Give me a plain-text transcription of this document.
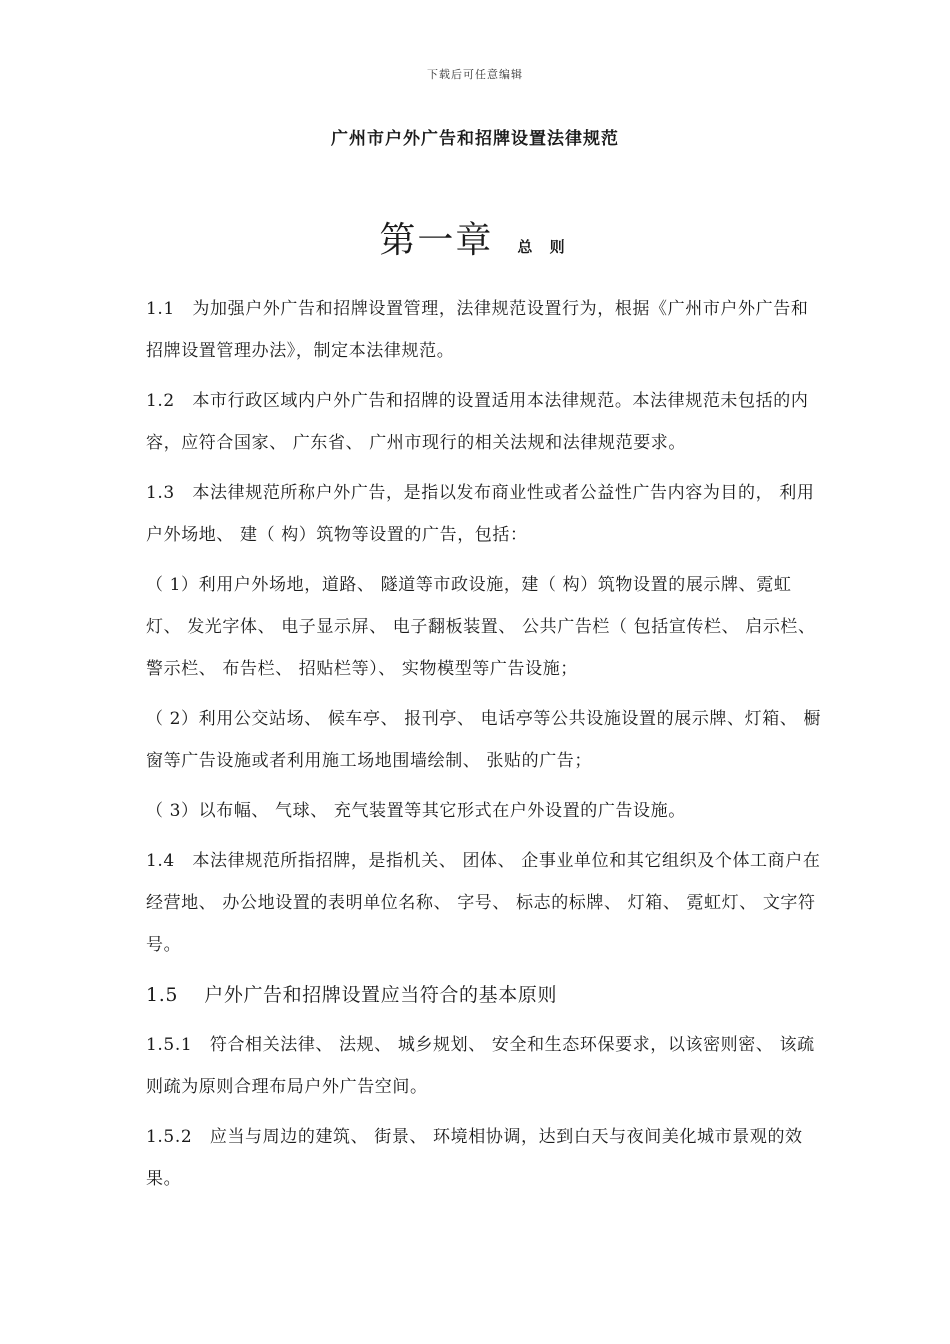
下载后可任意编辑
广州市户外广告和招牌设置法律规范
第一章 总 则

1.1　为加强户外广告和招牌设置管理，法律规范设置行为，根据《广州市户外广告和招牌设置管理办法》，制定本法律规范。

1.2　本市行政区域内户外广告和招牌的设置适用本法律规范。本法律规范未包括的内容，应符合国家、 广东省、 广州市现行的相关法规和法律规范要求。

1.3　本法律规范所称户外广告，是指以发布商业性或者公益性广告内容为目的， 利用户外场地、 建（ 构）筑物等设置的广告，包括：

（ 1）利用户外场地，道路、 隧道等市政设施，建（ 构）筑物设置的展示牌、霓虹灯、 发光字体、 电子显示屏、 电子翻板装置、 公共广告栏（ 包括宣传栏、 启示栏、 警示栏、 布告栏、 招贴栏等）、 实物模型等广告设施；

（ 2）利用公交站场、 候车亭、 报刊亭、 电话亭等公共设施设置的展示牌、灯箱、 橱窗等广告设施或者利用施工场地围墙绘制、 张贴的广告；

（ 3）以布幅、 气球、 充气装置等其它形式在户外设置的广告设施。

1.4　本法律规范所指招牌，是指机关、 团体、 企事业单位和其它组织及个体工商户在经营地、 办公地设置的表明单位名称、 字号、 标志的标牌、 灯箱、 霓虹灯、 文字符号。

1.5　 户外广告和招牌设置应当符合的基本原则

1.5.1　符合相关法律、 法规、 城乡规划、 安全和生态环保要求，以该密则密、 该疏则疏为原则合理布局户外广告空间。

1.5.2　应当与周边的建筑、 街景、 环境相协调，达到白天与夜间美化城市景观的效果。
